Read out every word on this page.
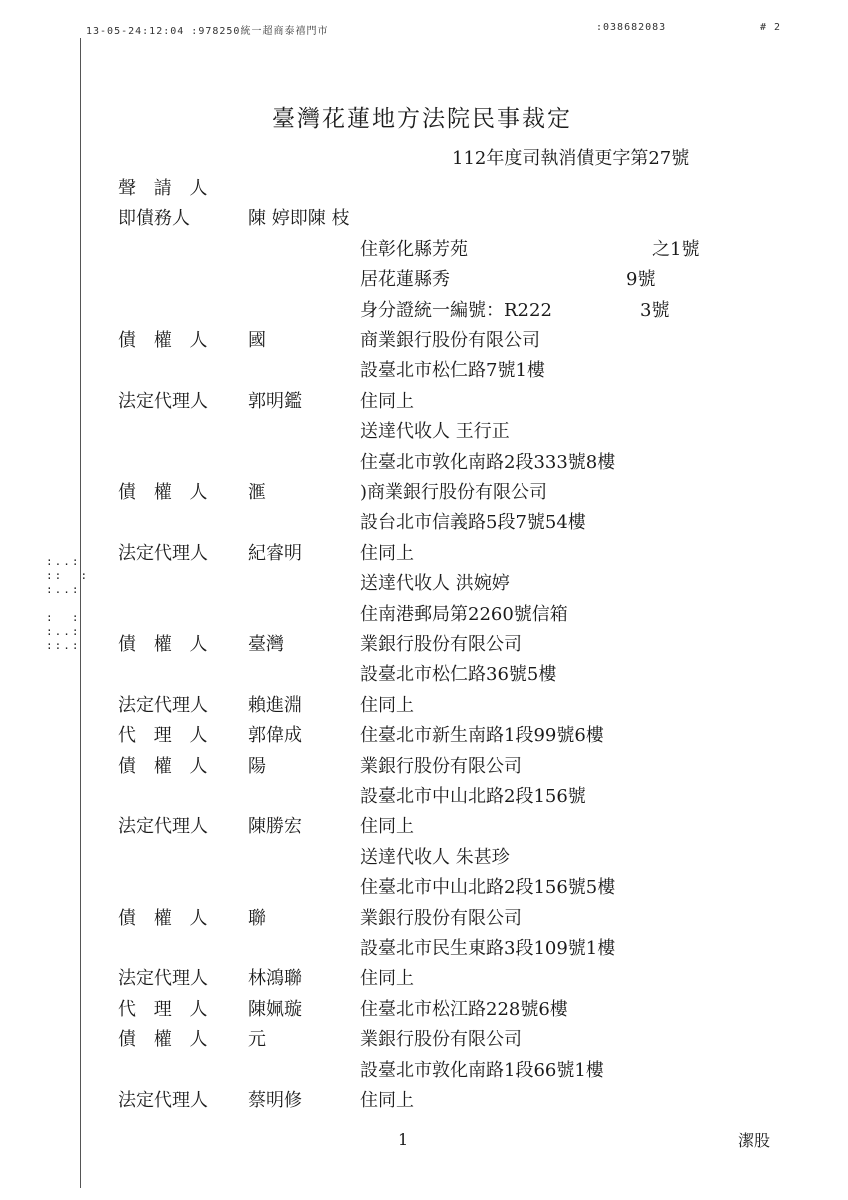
13-05-24:12:04 :978250統一超商泰禧門市	:038682083	# 2
:..:
::  :
:..:

:  :
:..:
::.:
臺灣花蓮地方法院民事裁定
112年度司執消債更字第27號
聲 請 人
即債務人	陳 婷即陳 枝
住彰化縣芳苑	之1號
居花蓮縣秀	9號
身分證統一編號：R222	3號
債 權 人 國	商業銀行股份有限公司
設臺北市松仁路7號1樓
法定代理人 郭明鑑	住同上
送達代收人 王行正
住臺北市敦化南路2段333號8樓
債 權 人 滙	)商業銀行股份有限公司
設台北市信義路5段7號54樓
法定代理人 紀睿明	住同上
送達代收人 洪婉婷
住南港郵局第2260號信箱
債 權 人 臺灣	業銀行股份有限公司
設臺北市松仁路36號5樓
法定代理人 賴進淵	住同上
代 理 人 郭偉成	住臺北市新生南路1段99號6樓
債 權 人 陽	業銀行股份有限公司
設臺北市中山北路2段156號
法定代理人 陳勝宏	住同上
送達代收人 朱甚珍
住臺北市中山北路2段156號5樓
債 權 人 聯	業銀行股份有限公司
設臺北市民生東路3段109號1樓
法定代理人 林鴻聯	住同上
代 理 人 陳姵璇	住臺北市松江路228號6樓
債 權 人 元	業銀行股份有限公司
設臺北市敦化南路1段66號1樓
法定代理人 蔡明修	住同上
1	潔股
